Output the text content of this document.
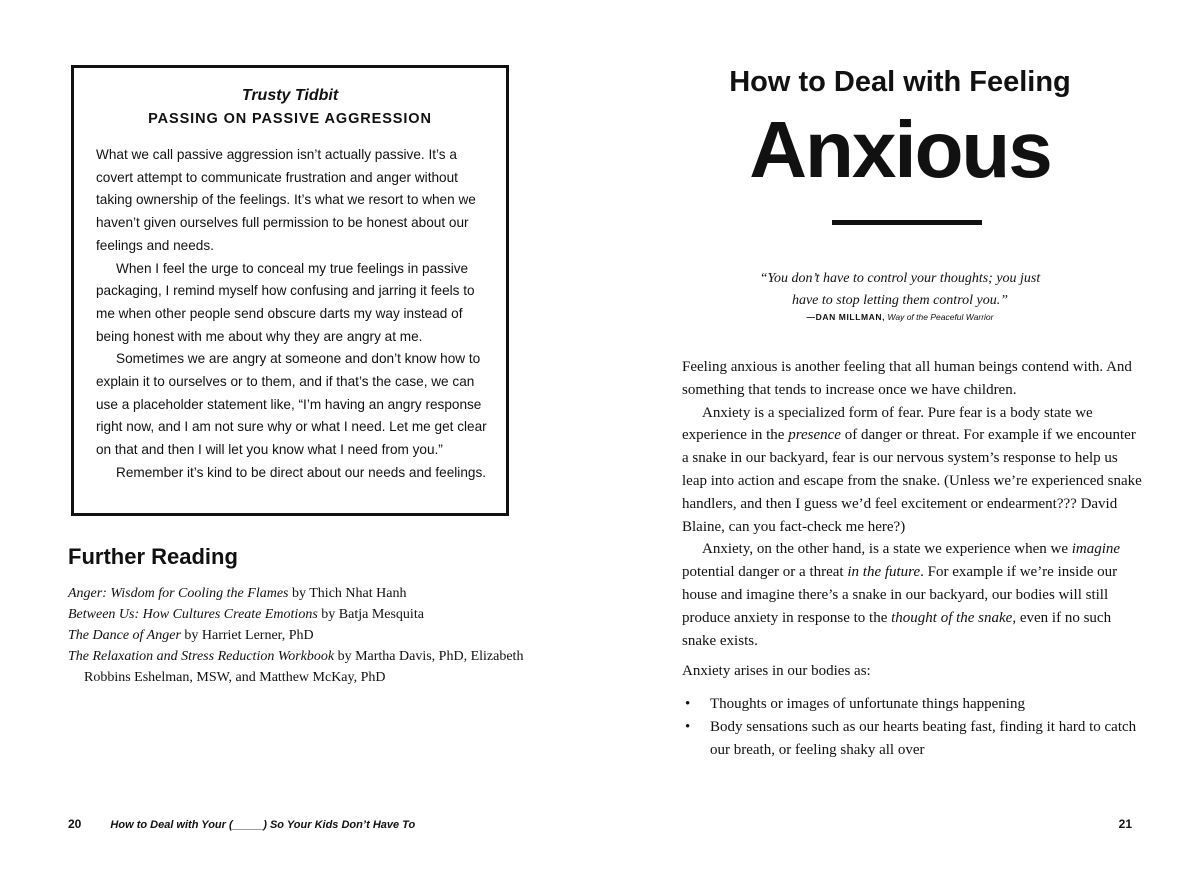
Trusty Tidbit
PASSING ON PASSIVE AGGRESSION

What we call passive aggression isn’t actually passive. It’s a covert attempt to communicate frustration and anger without taking ownership of the feelings. It’s what we resort to when we haven’t given ourselves full permission to be honest about our feelings and needs.

When I feel the urge to conceal my true feelings in passive packaging, I remind myself how confusing and jarring it feels to me when other people send obscure darts my way instead of being honest with me about why they are angry at me.

Sometimes we are angry at someone and don’t know how to explain it to ourselves or to them, and if that’s the case, we can use a placeholder statement like, “I’m having an angry response right now, and I am not sure why or what I need. Let me get clear on that and then I will let you know what I need from you.”

Remember it’s kind to be direct about our needs and feelings.

Further Reading
Anger: Wisdom for Cooling the Flames by Thich Nhat Hanh
Between Us: How Cultures Create Emotions by Batja Mesquita
The Dance of Anger by Harriet Lerner, PhD
The Relaxation and Stress Reduction Workbook by Martha Davis, PhD, Elizabeth Robbins Eshelman, MSW, and Matthew McKay, PhD
20	How to Deal with Your (_____) So Your Kids Don’t Have To
How to Deal with Feeling
Anxious
“You don’t have to control your thoughts; you just
have to stop letting them control you.”
—DAN MILLMAN, Way of the Peaceful Warrior

Feeling anxious is another feeling that all human beings contend with. And something that tends to increase once we have children.

Anxiety is a specialized form of fear. Pure fear is a body state we experience in the presence of danger or threat. For example if we encounter a snake in our backyard, fear is our nervous system’s response to help us leap into action and escape from the snake. (Unless we’re experienced snake handlers, and then I guess we’d feel excitement or endearment??? David Blaine, can you fact-check me here?)

Anxiety, on the other hand, is a state we experience when we imagine potential danger or a threat in the future. For example if we’re inside our house and imagine there’s a snake in our backyard, our bodies will still produce anxiety in response to the thought of the snake, even if no such snake exists.

Anxiety arises in our bodies as:

• Thoughts or images of unfortunate things happening
• Body sensations such as our hearts beating fast, finding it hard to catch our breath, or feeling shaky all over
21
